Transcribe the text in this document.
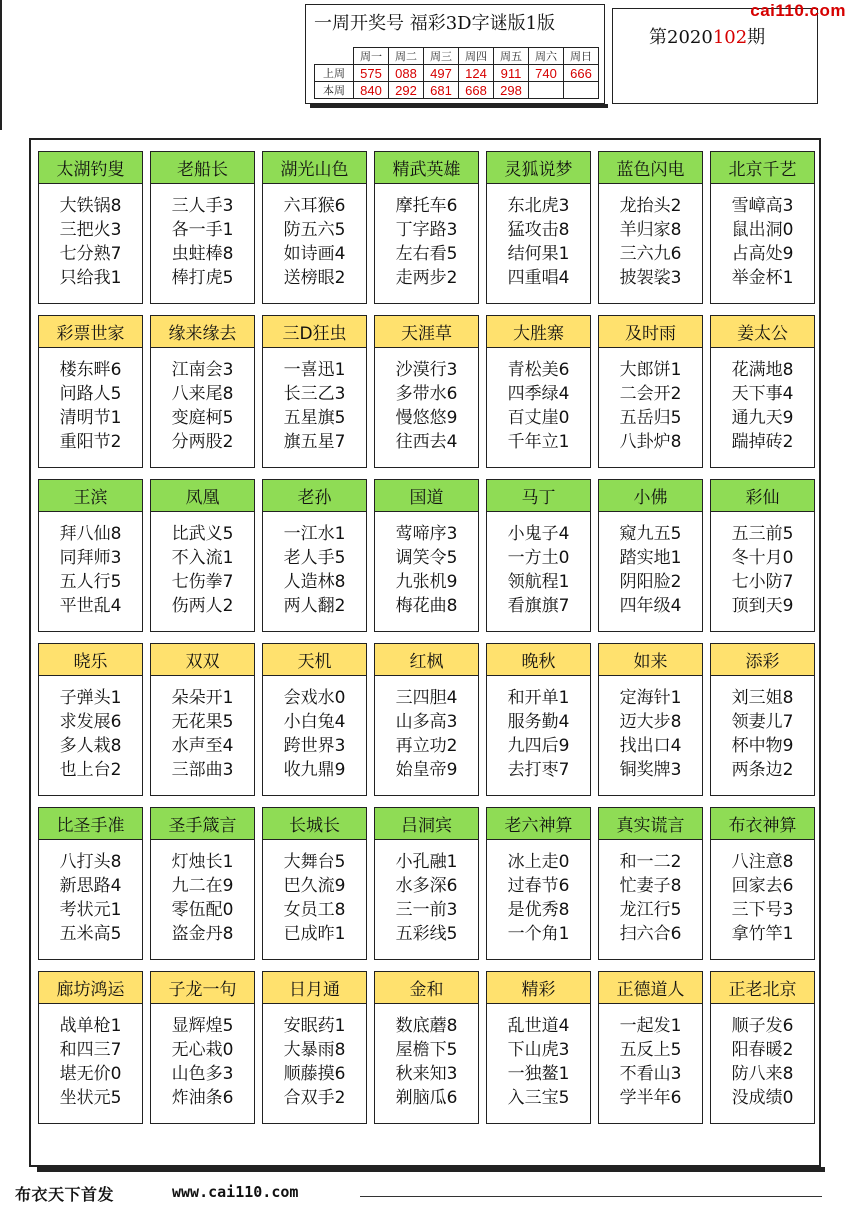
一周开奖号 福彩3D字谜版1版
	周一	周二	周三	周四	周五	周六	周日
上周	575	088	497	124	911	740	666
本周	840	292	681	668	298		
第2020102期
cai110.com
太湖钓叟
大铁锅8
三把火3
七分熟7
只给我1
老船长
三人手3
各一手1
虫蛀棒8
棒打虎5
湖光山色
六耳猴6
防五六5
如诗画4
送榜眼2
精武英雄
摩托车6
丁字路3
左右看5
走两步2
灵狐说梦
东北虎3
猛攻击8
结何果1
四重唱4
蓝色闪电
龙抬头2
羊归家8
三六九6
披袈裟3
北京千艺
雪嶂高3
鼠出洞0
占高处9
举金杯1
彩票世家
楼东畔6
问路人5
清明节1
重阳节2
缘来缘去
江南会3
八来尾8
变庭柯5
分两股2
三D狂虫
一喜迅1
长三乙3
五星旗5
旗五星7
天涯草
沙漠行3
多带水6
慢悠悠9
往西去4
大胜寨
青松美6
四季绿4
百丈崖0
千年立1
及时雨
大郎饼1
二会开2
五岳归5
八卦炉8
姜太公
花满地8
天下事4
通九天9
踹掉砖2
王滨
拜八仙8
同拜师3
五人行5
平世乱4
凤凰
比武义5
不入流1
七伤拳7
伤两人2
老孙
一江水1
老人手5
人造林8
两人翻2
国道
莺啼序3
调笑令5
九张机9
梅花曲8
马丁
小鬼子4
一方土0
领航程1
看旗旗7
小佛
窥九五5
踏实地1
阴阳脸2
四年级4
彩仙
五三前5
冬十月0
七小防7
顶到天9
晓乐
子弹头1
求发展6
多人栽8
也上台2
双双
朵朵开1
无花果5
水声至4
三部曲3
天机
会戏水0
小白兔4
跨世界3
收九鼎9
红枫
三四胆4
山多高3
再立功2
始皇帝9
晚秋
和开单1
服务勤4
九四后9
去打枣7
如来
定海针1
迈大步8
找出口4
铜奖牌3
添彩
刘三姐8
领妻儿7
杯中物9
两条边2
比圣手准
八打头8
新思路4
考状元1
五米高5
圣手箴言
灯烛长1
九二在9
零伍配0
盗金丹8
长城长
大舞台5
巴久流9
女员工8
已成昨1
吕洞宾
小孔融1
水多深6
三一前3
五彩线5
老六神算
冰上走0
过春节6
是优秀8
一个角1
真实谎言
和一二2
忙妻子8
龙江行5
扫六合6
布衣神算
八注意8
回家去6
三下号3
拿竹竿1
廊坊鸿运
战单枪1
和四三7
堪无价0
坐状元5
子龙一句
显辉煌5
无心栽0
山色多3
炸油条6
日月通
安眠药1
大暴雨8
顺藤摸6
合双手2
金和
数底蘑8
屋檐下5
秋来知3
剃脑瓜6
精彩
乱世道4
下山虎3
一独鳌1
入三宝5
正德道人
一起发1
五反上5
不看山3
学半年6
正老北京
顺子发6
阳春暖2
防八来8
没成绩0
布衣天下首发	www.cai110.com
